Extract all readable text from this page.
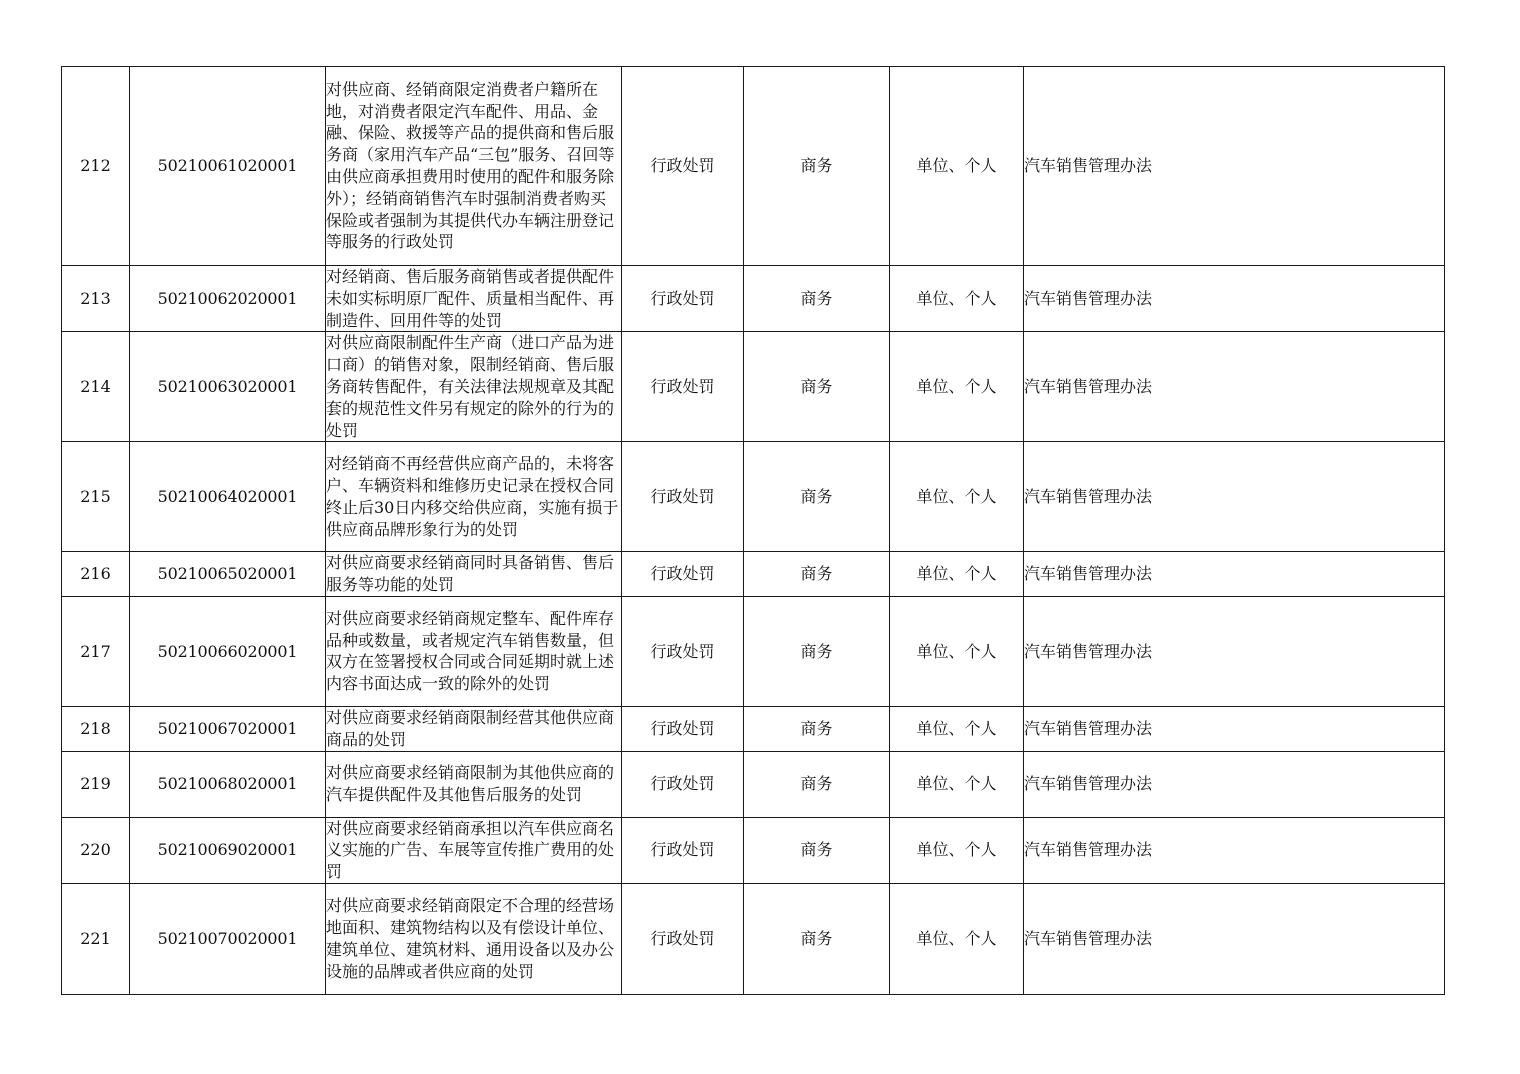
212	50210061020001	对供应商、经销商限定消费者户籍所在地，对消费者限定汽车配件、用品、金融、保险、救援等产品的提供商和售后服务商（家用汽车产品“三包”服务、召回等由供应商承担费用时使用的配件和服务除外）；经销商销售汽车时强制消费者购买保险或者强制为其提供代办车辆注册登记等服务的行政处罚	行政处罚	商务	单位、个人	汽车销售管理办法
213	50210062020001	对经销商、售后服务商销售或者提供配件未如实标明原厂配件、质量相当配件、再制造件、回用件等的处罚	行政处罚	商务	单位、个人	汽车销售管理办法
214	50210063020001	对供应商限制配件生产商（进口产品为进口商）的销售对象，限制经销商、售后服务商转售配件，有关法律法规规章及其配套的规范性文件另有规定的除外的行为的处罚	行政处罚	商务	单位、个人	汽车销售管理办法
215	50210064020001	对经销商不再经营供应商产品的，未将客户、车辆资料和维修历史记录在授权合同终止后30日内移交给供应商，实施有损于供应商品牌形象行为的处罚	行政处罚	商务	单位、个人	汽车销售管理办法
216	50210065020001	对供应商要求经销商同时具备销售、售后服务等功能的处罚	行政处罚	商务	单位、个人	汽车销售管理办法
217	50210066020001	对供应商要求经销商规定整车、配件库存品种或数量，或者规定汽车销售数量，但双方在签署授权合同或合同延期时就上述内容书面达成一致的除外的处罚	行政处罚	商务	单位、个人	汽车销售管理办法
218	50210067020001	对供应商要求经销商限制经营其他供应商商品的处罚	行政处罚	商务	单位、个人	汽车销售管理办法
219	50210068020001	对供应商要求经销商限制为其他供应商的汽车提供配件及其他售后服务的处罚	行政处罚	商务	单位、个人	汽车销售管理办法
220	50210069020001	对供应商要求经销商承担以汽车供应商名义实施的广告、车展等宣传推广费用的处罚	行政处罚	商务	单位、个人	汽车销售管理办法
221	50210070020001	对供应商要求经销商限定不合理的经营场地面积、建筑物结构以及有偿设计单位、建筑单位、建筑材料、通用设备以及办公设施的品牌或者供应商的处罚	行政处罚	商务	单位、个人	汽车销售管理办法
